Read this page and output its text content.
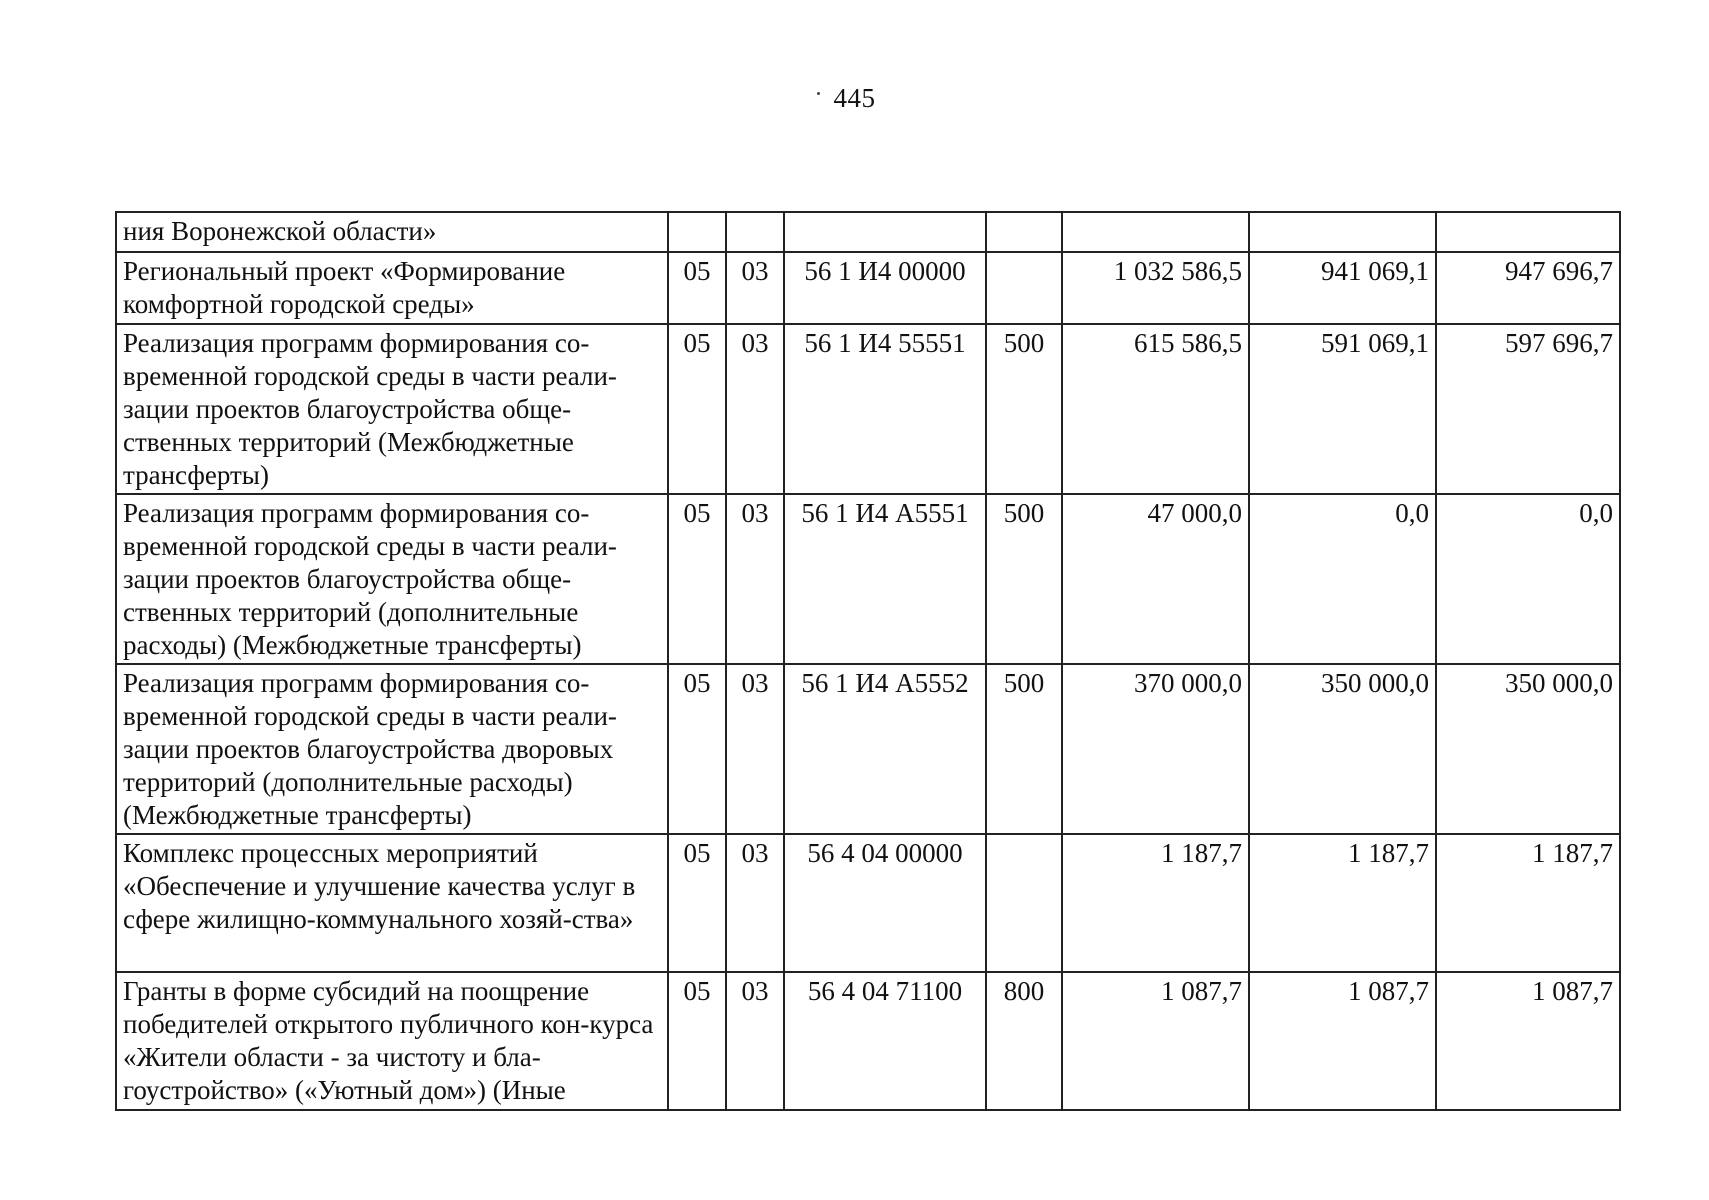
445
ния Воронежской области»							
Региональный проект «Формирование комфортной городской среды»	05	03	56 1 И4 00000		1 032 586,5	941 069,1	947 696,7
Реализация программ формирования со-временной городской среды в части реали-зации проектов благоустройства обще-ственных территорий (Межбюджетные трансферты)	05	03	56 1 И4 55551	500	615 586,5	591 069,1	597 696,7
Реализация программ формирования со-временной городской среды в части реали-зации проектов благоустройства обще-ственных территорий (дополнительные расходы) (Межбюджетные трансферты)	05	03	56 1 И4 А5551	500	47 000,0	0,0	0,0
Реализация программ формирования со-временной городской среды в части реали-зации проектов благоустройства дворовых территорий (дополнительные расходы) (Межбюджетные трансферты)	05	03	56 1 И4 А5552	500	370 000,0	350 000,0	350 000,0
Комплекс процессных мероприятий «Обеспечение и улучшение качества услуг в сфере жилищно-коммунального хозяй-ства»	05	03	56 4 04 00000		1 187,7	1 187,7	1 187,7
Гранты в форме субсидий на поощрение победителей открытого публичного кон-курса «Жители области - за чистоту и бла-гоустройство» («Уютный дом») (Иные	05	03	56 4 04 71100	800	1 087,7	1 087,7	1 087,7
